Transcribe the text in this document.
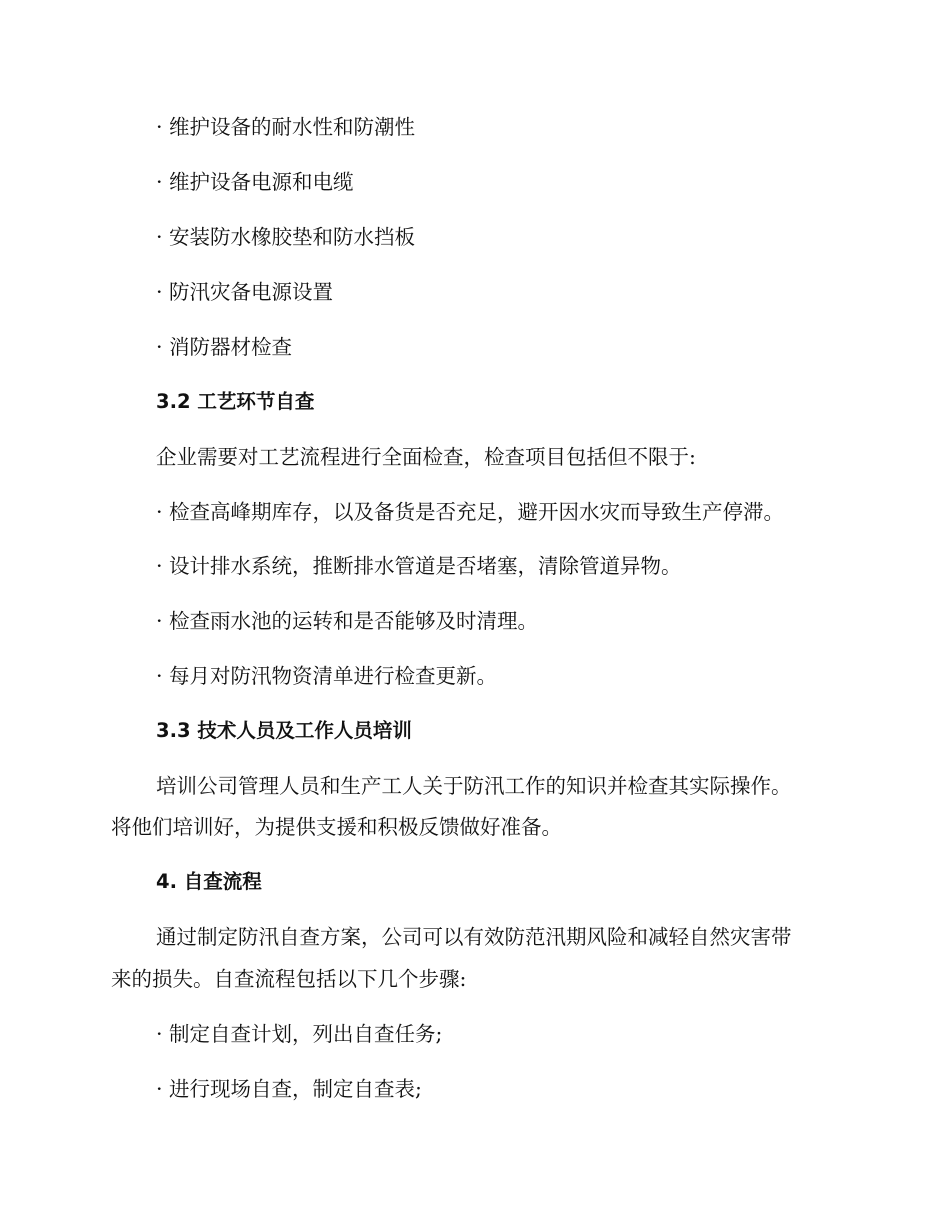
· 维护设备的耐水性和防潮性

· 维护设备电源和电缆

· 安装防水橡胶垫和防水挡板

· 防汛灾备电源设置

· 消防器材检查

3.2 工艺环节自查

企业需要对工艺流程进行全面检查，检查项目包括但不限于:

· 检查高峰期库存，以及备货是否充足，避开因水灾而导致生产停滞。

· 设计排水系统，推断排水管道是否堵塞，清除管道异物。

· 检查雨水池的运转和是否能够及时清理。

· 每月对防汛物资清单进行检查更新。

3.3 技术人员及工作人员培训

培训公司管理人员和生产工人关于防汛工作的知识并检查其实际操作。

将他们培训好，为提供支援和积极反馈做好准备。

4. 自查流程

通过制定防汛自查方案，公司可以有效防范汛期风险和减轻自然灾害带

来的损失。自查流程包括以下几个步骤:

· 制定自查计划，列出自查任务;

· 进行现场自查，制定自查表;
